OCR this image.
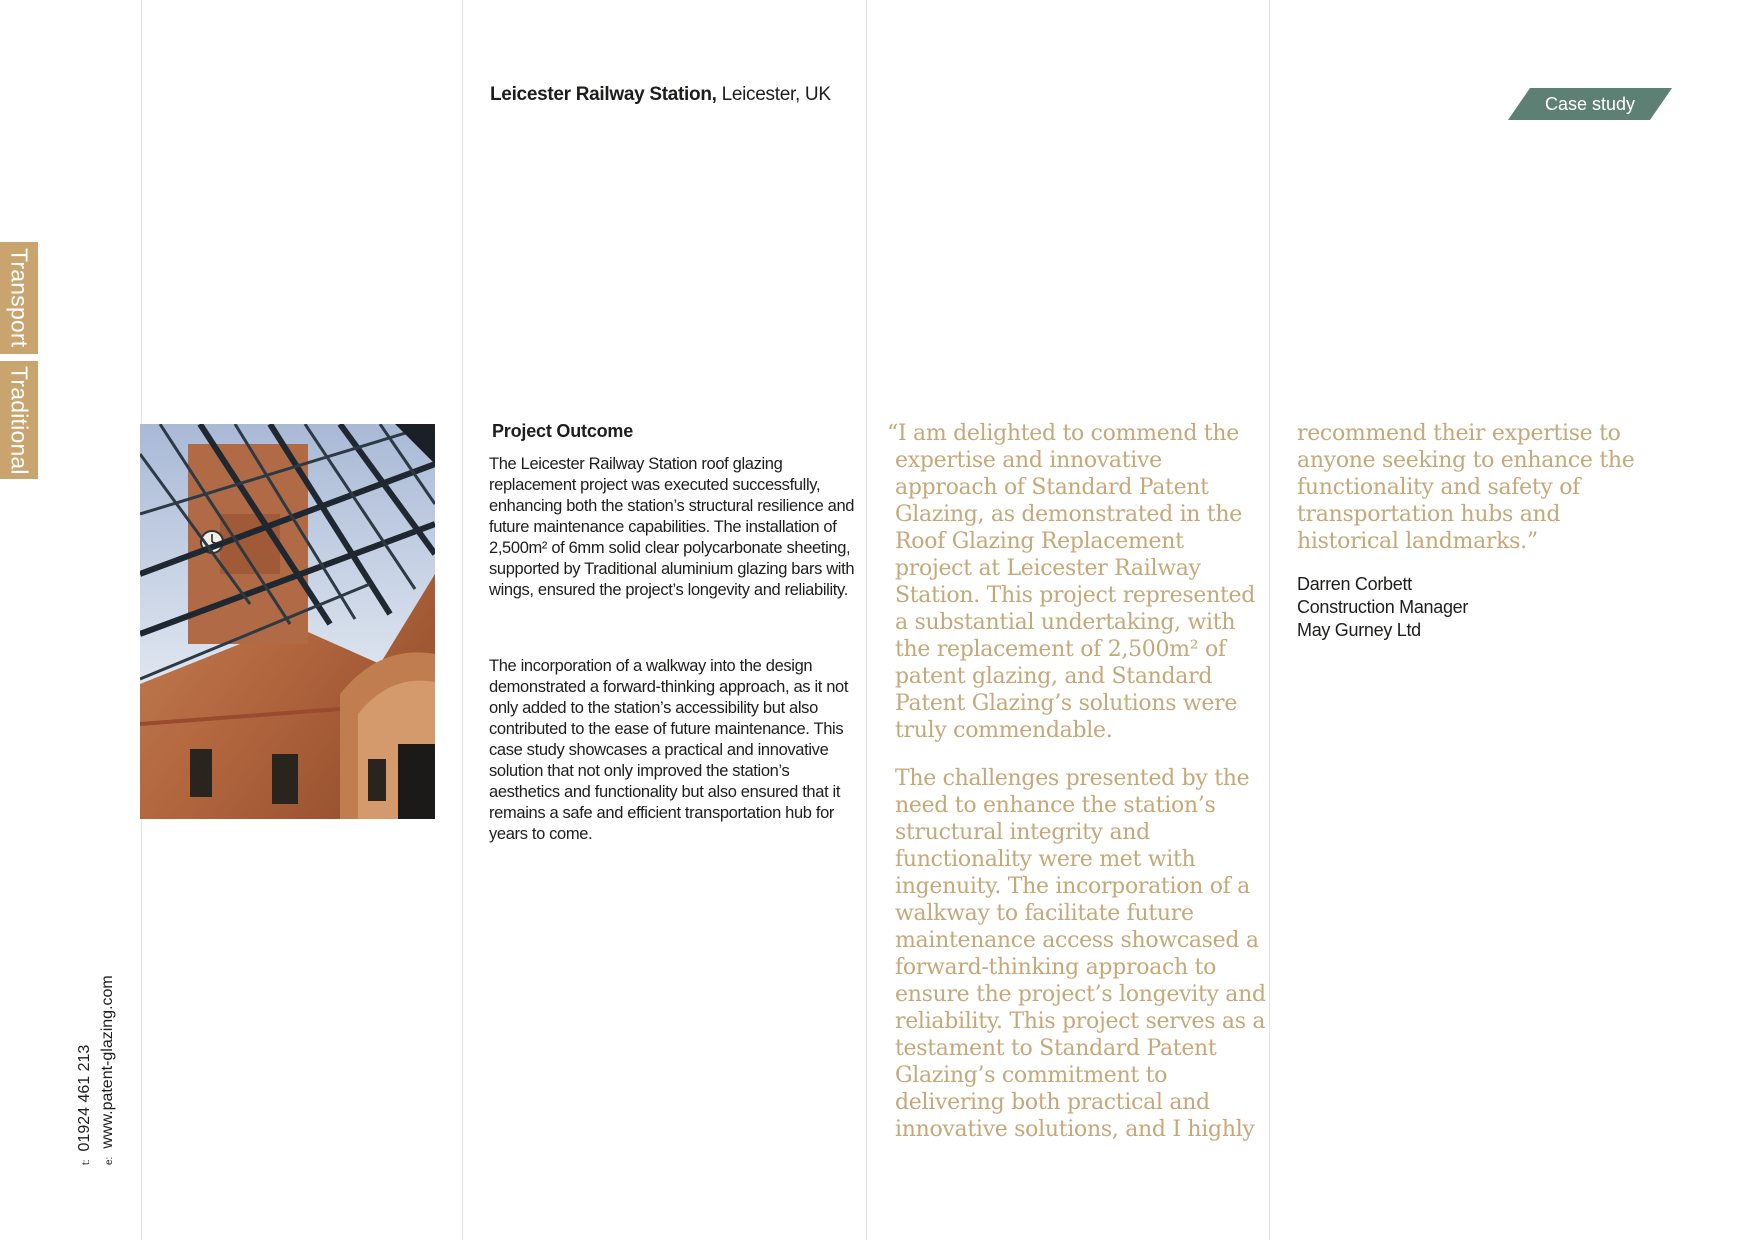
Transport
Traditional
t:01924 461 213
e:www.patent-glazing.com
Leicester Railway Station, Leicester, UK	Case study
Project Outcome

The Leicester Railway Station roof glazing replacement project was executed successfully, enhancing both the station’s structural resilience and future maintenance capabilities. The installation of 2,500m² of 6mm solid clear polycarbonate sheeting, supported by Traditional aluminium glazing bars with wings, ensured the project’s longevity and reliability.

The incorporation of a walkway into the design demonstrated a forward-thinking approach, as it not only added to the station’s accessibility but also contributed to the ease of future maintenance. This case study showcases a practical and innovative solution that not only improved the station’s aesthetics and functionality but also ensured that it remains a safe and efficient transportation hub for years to come.

“I am delighted to commend the expertise and innovative approach of Standard Patent Glazing, as demonstrated in the Roof Glazing Replacement project at Leicester Railway Station. This project represented a substantial undertaking, with the replacement of 2,500m² of patent glazing, and Standard Patent Glazing’s solutions were truly commendable.

The challenges presented by the need to enhance the station’s structural integrity and functionality were met with ingenuity. The incorporation of a walkway to facilitate future maintenance access showcased a forward-thinking approach to ensure the project’s longevity and reliability. This project serves as a testament to Standard Patent Glazing’s commitment to delivering both practical and innovative solutions, and I highly

recommend their expertise to anyone seeking to enhance the functionality and safety of transportation hubs and historical landmarks.”

Darren Corbett
Construction Manager
May Gurney Ltd
